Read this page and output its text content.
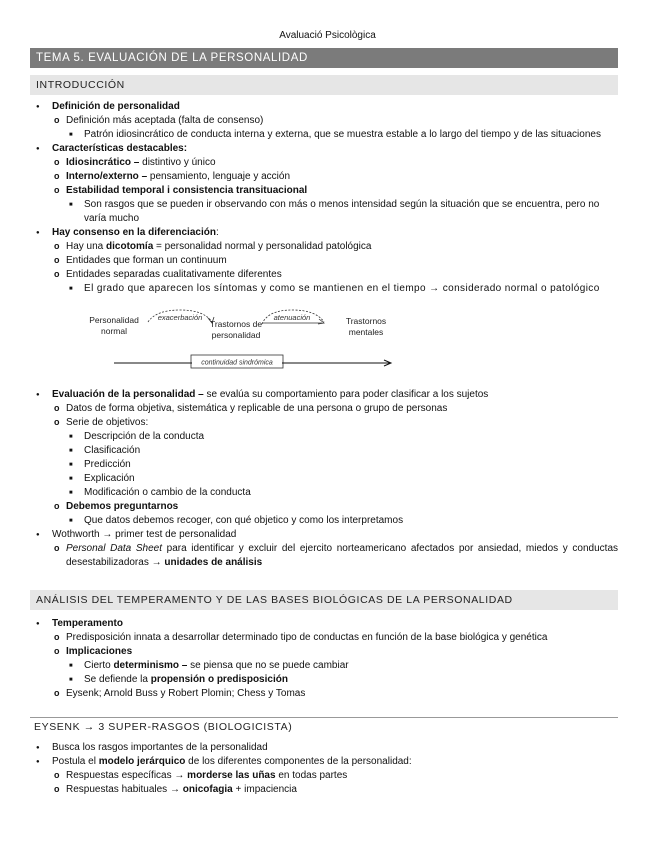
Avaluació Psicològica
TEMA 5. EVALUACIÓN DE LA PERSONALIDAD
INTRODUCCIÓN
● Definición de personalidad
o Definición más aceptada (falta de consenso)
■ Patrón idiosincrático de conducta interna y externa, que se muestra estable a lo largo del tiempo y de las situaciones
● Características destacables:
o Idiosincrático – distintivo y único
o Interno/externo – pensamiento, lenguaje y acción
o Estabilidad temporal i consistencia transituacional
■ Son rasgos que se pueden ir observando con más o menos intensidad según la situación que se encuentra, pero no varía mucho
● Hay consenso en la diferenciación:
o Hay una dicotomía = personalidad normal y personalidad patológica
o Entidades que forman un continuum
o Entidades separadas cualitativamente diferentes
■ El grado que aparecen los síntomas y como se mantienen en el tiempo → considerado normal o patológico
Personalidad
normal
Trastornos de
personalidad
Trastornos
mentales
exacerbación	atenuación
continuidad sindrómica
● Evaluación de la personalidad – se evalúa su comportamiento para poder clasificar a los sujetos
o Datos de forma objetiva, sistemática y replicable de una persona o grupo de personas
o Serie de objetivos:
■ Descripción de la conducta
■ Clasificación
■ Predicción
■ Explicación
■ Modificación o cambio de la conducta
o Debemos preguntarnos
■ Que datos debemos recoger, con qué objetico y como los interpretamos
● Wothworth → primer test de personalidad
o Personal Data Sheet para identificar y excluir del ejercito norteamericano afectados por ansiedad, miedos y conductas desestabilizadoras → unidades de análisis
ANÁLISIS DEL TEMPERAMENTO Y DE LAS BASES BIOLÓGICAS DE LA PERSONALIDAD
● Temperamento
o Predisposición innata a desarrollar determinado tipo de conductas en función de la base biológica y genética
o Implicaciones
■ Cierto determinismo – se piensa que no se puede cambiar
■ Se defiende la propensión o predisposición
o Eysenk; Arnold Buss y Robert Plomin; Chess y Tomas
EYSENK → 3 SUPER-RASGOS (BIOLOGICISTA)
● Busca los rasgos importantes de la personalidad
● Postula el modelo jerárquico de los diferentes componentes de la personalidad:
o Respuestas específicas → morderse las uñas en todas partes
o Respuestas habituales → onicofagia + impaciencia
